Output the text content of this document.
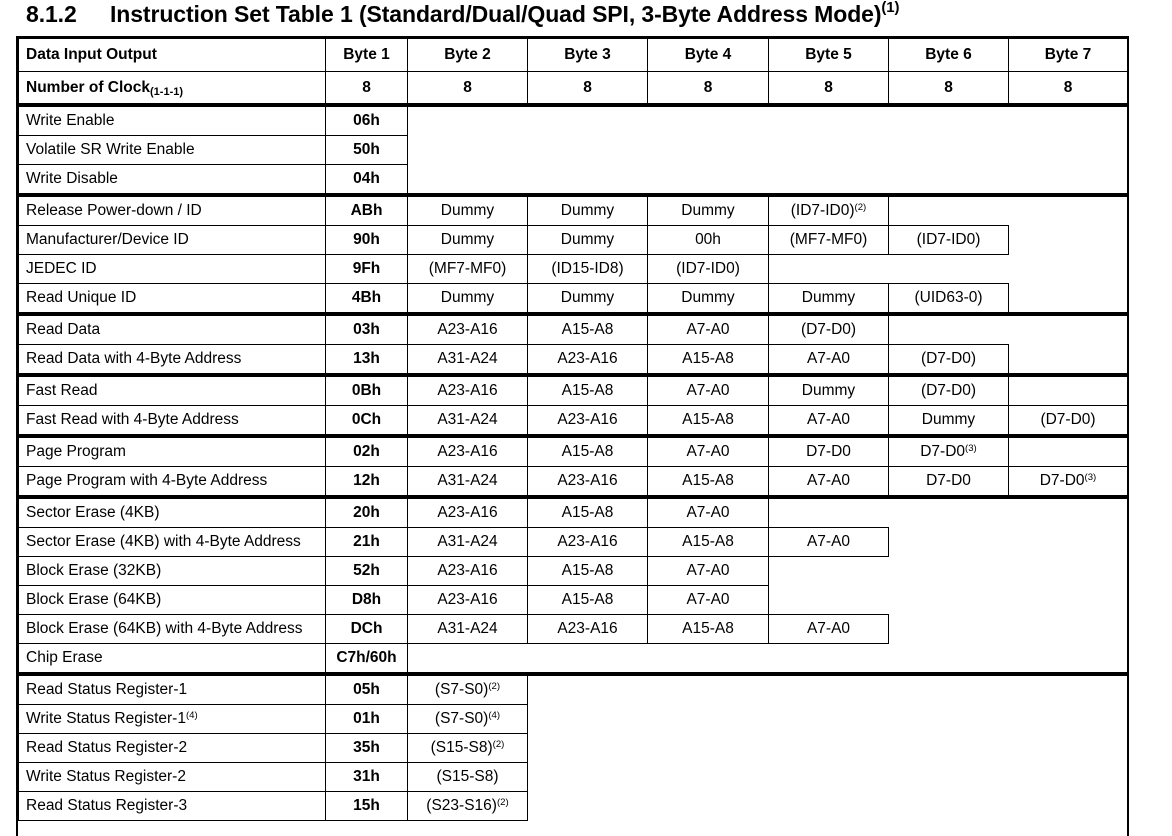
8.1.2 Instruction Set Table 1 (Standard/Dual/Quad SPI, 3-Byte Address Mode)$^{(1)}$
Data Input Output	Byte 1	Byte 2	Byte 3	Byte 4	Byte 5	Byte 6	Byte 7
Number of Clock(1-1-1)	8	8	8	8	8	8	8
Write Enable	06h						
Volatile SR Write Enable	50h						
Write Disable	04h						
Release Power-down / ID	ABh	Dummy	Dummy	Dummy	$(ID7-ID0)^{(2)}$	
Manufacturer/Device ID	90h	Dummy	Dummy	00h	(MF7-MF0)	(ID7-ID0)	
JEDEC ID	9Fh	(MF7-MF0)	(ID15-ID8)	(ID7-ID0)			
Read Unique ID	4Bh	Dummy	Dummy	Dummy	Dummy	(UID63-0)	
Read Data	03h	A23-A16	A15-A8	A7-A0	(D7-D0)		
Read Data with 4-Byte Address	13h	A31-A24	A23-A16	A15-A8	A7-A0	(D7-D0)	
Fast Read	0Bh	A23-A16	A15-A8	A7-A0	Dummy	(D7-D0)	
Fast Read with 4-Byte Address	0Ch	A31-A24	A23-A16	A15-A8	A7-A0	Dummy	(D7-D0)
Page Program	02h	A23-A16	A15-A8	A7-A0	D7-D0	D7-D0$^{(3)}$	
Page Program with 4-Byte Address	12h	A31-A24	A23-A16	A15-A8	A7-A0	D7-D0	D7-D0$^{(3)}$
Sector Erase (4KB)	20h	A23-A16	A15-A8	A7-A0			
Sector Erase (4KB) with 4-Byte Address	21h	A31-A24	A23-A16	A15-A8	A7-A0		
Block Erase (32KB)	52h	A23-A16	A15-A8	A7-A0			
Block Erase (64KB)	D8h	A23-A16	A15-A8	A7-A0			
Block Erase (64KB) with 4-Byte Address	DCh	A31-A24	A23-A16	A15-A8	A7-A0		
Chip Erase	C7h/60h						
Read Status Register-1	05h	$(S7-S0)^{(2)}$	
Write Status Register-1$^{(4)}$	01h	$(S7-S0)^{(4)}$	
Read Status Register-2	35h	$(S15-S8)^{(2)}$	
Write Status Register-2	31h	(S15-S8)					
Read Status Register-3	15h	$(S23-S16)^{(2)}$	
